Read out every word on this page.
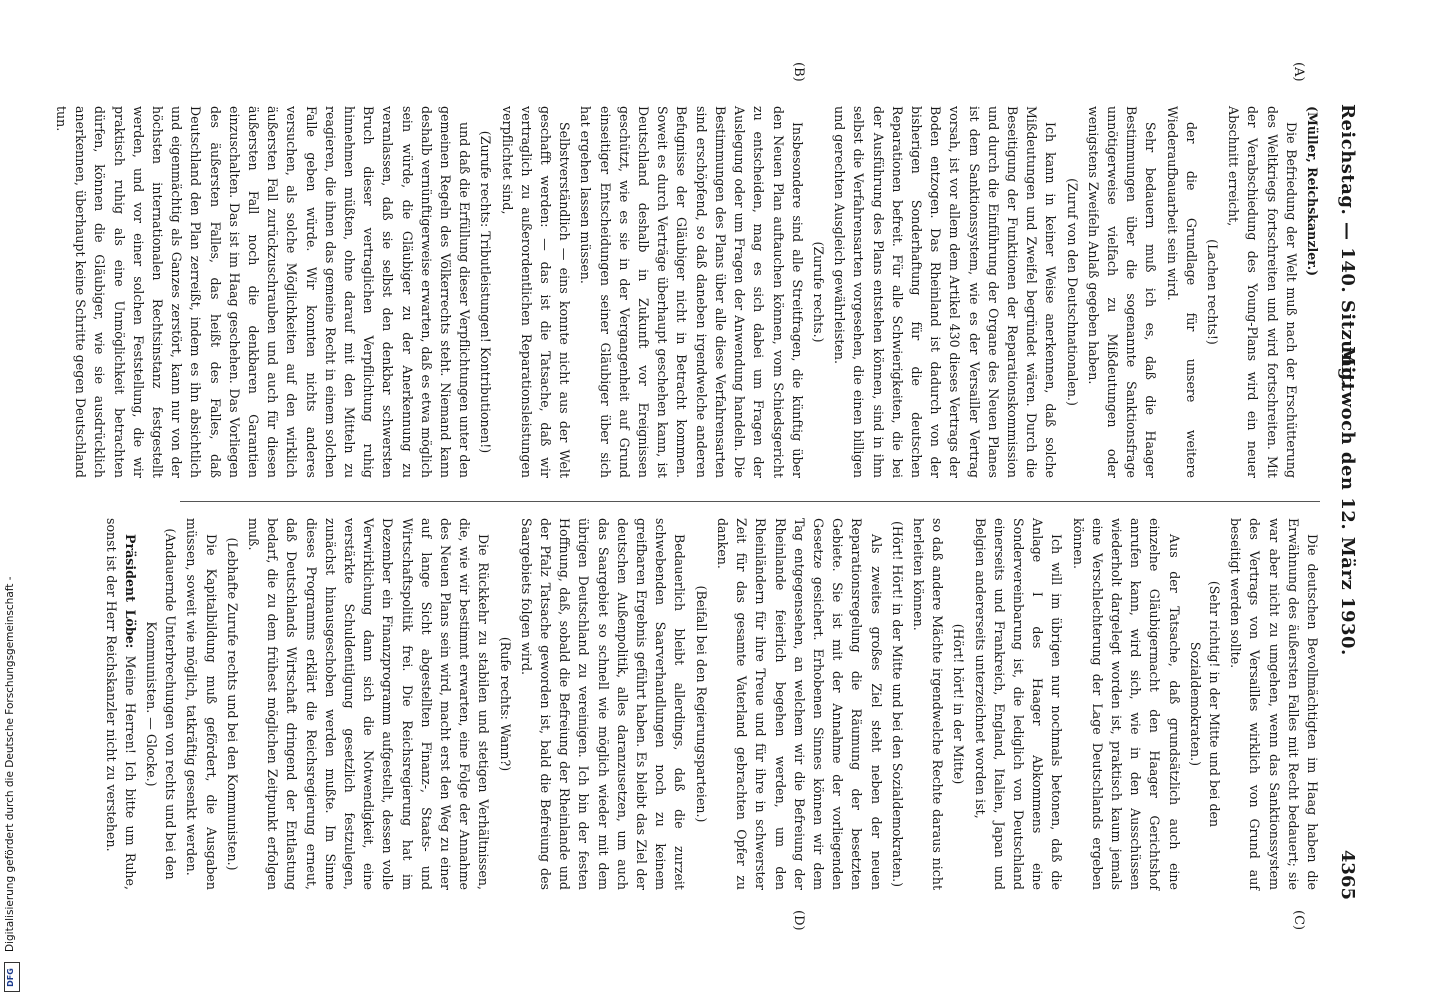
Digitalisierung gefördert durch die Deutsche Forschungsgemeinschaft -
DFG
Reichstag. — 140. Sitzung.
Mittwoch den 12. März 1930.
4365
(A)
(B)
(C)
(D)

(Müller, Reichskanzler.)

Die Befriedung der Welt muß nach der Erschütterung des Weltkriegs fortschreiten und wird fortschreiten. Mit der Verabschiedung des Young-Plans wird ein neuer Abschnitt erreicht,

(Lachen rechts!)

der die Grundlage für unsere weitere Wiederaufbauarbeit sein wird.

Sehr bedauern muß ich es, daß die Haager Bestimmungen über die sogenannte Sanktionsfrage unnötigerweise vielfach zu Mißdeutungen oder wenigstens Zweifeln Anlaß gegeben haben.

(Zuruf von den Deutschnationalen.)

Ich kann in keiner Weise anerkennen, daß solche Mißdeutungen und Zweifel begründet wären. Durch die Beseitigung der Funktionen der Reparationskommission und durch die Einführung der Organe des Neuen Planes ist dem Sanktionssystem, wie es der Versailler Vertrag vorsah, ist vor allem dem Artikel 430 dieses Vertrags der Boden entzogen. Das Rheinland ist dadurch von der bisherigen Sonderhaftung für die deutschen Reparationen befreit. Für alle Schwierigkeiten, die bei der Ausführung des Plans entstehen können, sind in ihm selbst die Verfahrensarten vorgesehen, die einen billigen und gerechten Ausgleich gewährleisten.

(Zurufe rechts.)

Insbesondere sind alle Streitfragen, die künftig über den Neuen Plan auftauchen können, vom Schiedsgericht zu entscheiden, mag es sich dabei um Fragen der Auslegung oder um Fragen der Anwendung handeln. Die Bestimmungen des Plans über alle diese Verfahrensarten sind erschöpfend, so daß daneben irgendwelche anderen Befugnisse der Gläubiger nicht in Betracht kommen. Soweit es durch Verträge überhaupt geschehen kann, ist Deutschland deshalb in Zukunft vor Ereignissen geschützt, wie es sie in der Vergangenheit auf Grund einseitiger Entscheidungen seiner Gläubiger über sich hat ergehen lassen müssen.

Selbstverständlich — eins konnte nicht aus der Welt geschafft werden: — das ist die Tatsache, daß wir vertraglich zu außerordentlichen Reparationsleistungen verpflichtet sind,

(Zurufe rechts: Tributleistungen! Kontributionen!)

und daß die Erfüllung dieser Verpflichtungen unter den gemeinen Regeln des Völkerrechts steht. Niemand kann deshalb vernünftigerweise erwarten, daß es etwa möglich sein würde, die Gläubiger zu der Anerkennung zu veranlassen, daß sie selbst den denkbar schwersten Bruch dieser vertraglichen Verpflichtung ruhig hinnehmen müßten, ohne darauf mit den Mitteln zu reagieren, die ihnen das gemeine Recht in einem solchen Falle geben würde. Wir konnten nichts anderes versuchen, als solche Möglichkeiten auf den wirklich äußersten Fall zurückzuschrauben und auch für diesen äußersten Fall noch die denkbaren Garantien einzuschalten. Das ist im Haag geschehen. Das Vorliegen des äußersten Falles, das heißt des Falles, daß Deutschland den Plan zerreißt, indem es ihn absichtlich und eigenmächtig als Ganzes zerstört, kann nur von der höchsten internationalen Rechtsinstanz festgestellt werden, und vor einer solchen Feststellung, die wir praktisch ruhig als eine Unmöglichkeit betrachten dürfen, können die Gläubiger, wie sie ausdrücklich anerkennen, überhaupt keine Schritte gegen Deutschland tun.

Die deutschen Bevollmächtigten im Haag haben die Erwähnung des äußersten Falles mit Recht bedauert; sie war aber nicht zu umgehen, wenn das Sanktionssystem des Vertrags von Versailles wirklich von Grund auf beseitigt werden sollte.

(Sehr richtig! in der Mitte und bei den Sozialdemokraten.)

Aus der Tatsache, daß grundsätzlich auch eine einzelne Gläubigermacht den Haager Gerichtshof anrufen kann, wird sich, wie in den Ausschüssen wiederholt dargelegt worden ist, praktisch kaum jemals eine Verschlechterung der Lage Deutschlands ergeben können.

Ich will im übrigen nur nochmals betonen, daß die Anlage I des Haager Abkommens eine Sondervereinbarung ist, die lediglich von Deutschland einerseits und Frankreich, England, Italien, Japan und Belgien andererseits unterzeichnet worden ist,

(Hört! hört! in der Mitte)

so daß andere Mächte irgendwelche Rechte daraus nicht herleiten können.

(Hört! Hört! in der Mitte und bei den Sozialdemokraten.)

Als zweites großes Ziel steht neben der neuen Reparationsregelung die Räumung der besetzten Gebiete. Sie ist mit der Annahme der vorliegenden Gesetze gesichert. Erhobenen Sinnes können wir dem Tag entgegensehen, an welchem wir die Befreiung der Rheinlande feierlich begehen werden, um den Rheinländern für ihre Treue und für ihre in schwerster Zeit für das gesamte Vaterland gebrachten Opfer zu danken.

(Beifall bei den Regierungsparteien.)

Bedauerlich bleibt allerdings, daß die zurzeit schwebenden Saarverhandlungen noch zu keinem greifbaren Ergebnis geführt haben. Es bleibt das Ziel der deutschen Außenpolitik, alles daranzusetzen, um auch das Saargebiet so schnell wie möglich wieder mit dem übrigen Deutschland zu vereinigen. Ich bin der festen Hoffnung, daß, sobald die Befreiung der Rheinlande und der Pfalz Tatsache geworden ist, bald die Befreiung des Saargebiets folgen wird.

(Rufe rechts: Wann?)

Die Rückkehr zu stabilen und stetigen Verhältnissen, die, wie wir bestimmt erwarten, eine Folge der Annahme des Neuen Plans sein wird, macht erst den Weg zu einer auf lange Sicht abgestellten Finanz-, Staats- und Wirtschaftspolitik frei. Die Reichsregierung hat im Dezember ein Finanzprogramm aufgestellt, dessen volle Verwirklichung dann sich die Notwendigkeit, eine verstärkte Schuldentilgung gesetzlich festzulegen, zunächst hinausgeschoben werden mußte. Im Sinne dieses Programms erklärt die Reichsregierung erneut, daß Deutschlands Wirtschaft dringend der Entlastung bedarf, die zu dem frühest möglichen Zeitpunkt erfolgen muß.

(Lebhafte Zurufe rechts und bei den Kommunisten.)

Die Kapitalbildung muß gefördert, die Ausgaben müssen, soweit wie möglich, tatkräftig gesenkt werden.

(Andauernde Unterbrechungen von rechts und bei den Kommunisten. — Glocke.)

Präsident Löbe: Meine Herren! Ich bitte um Ruhe, sonst ist der Herr Reichskanzler nicht zu verstehen.
